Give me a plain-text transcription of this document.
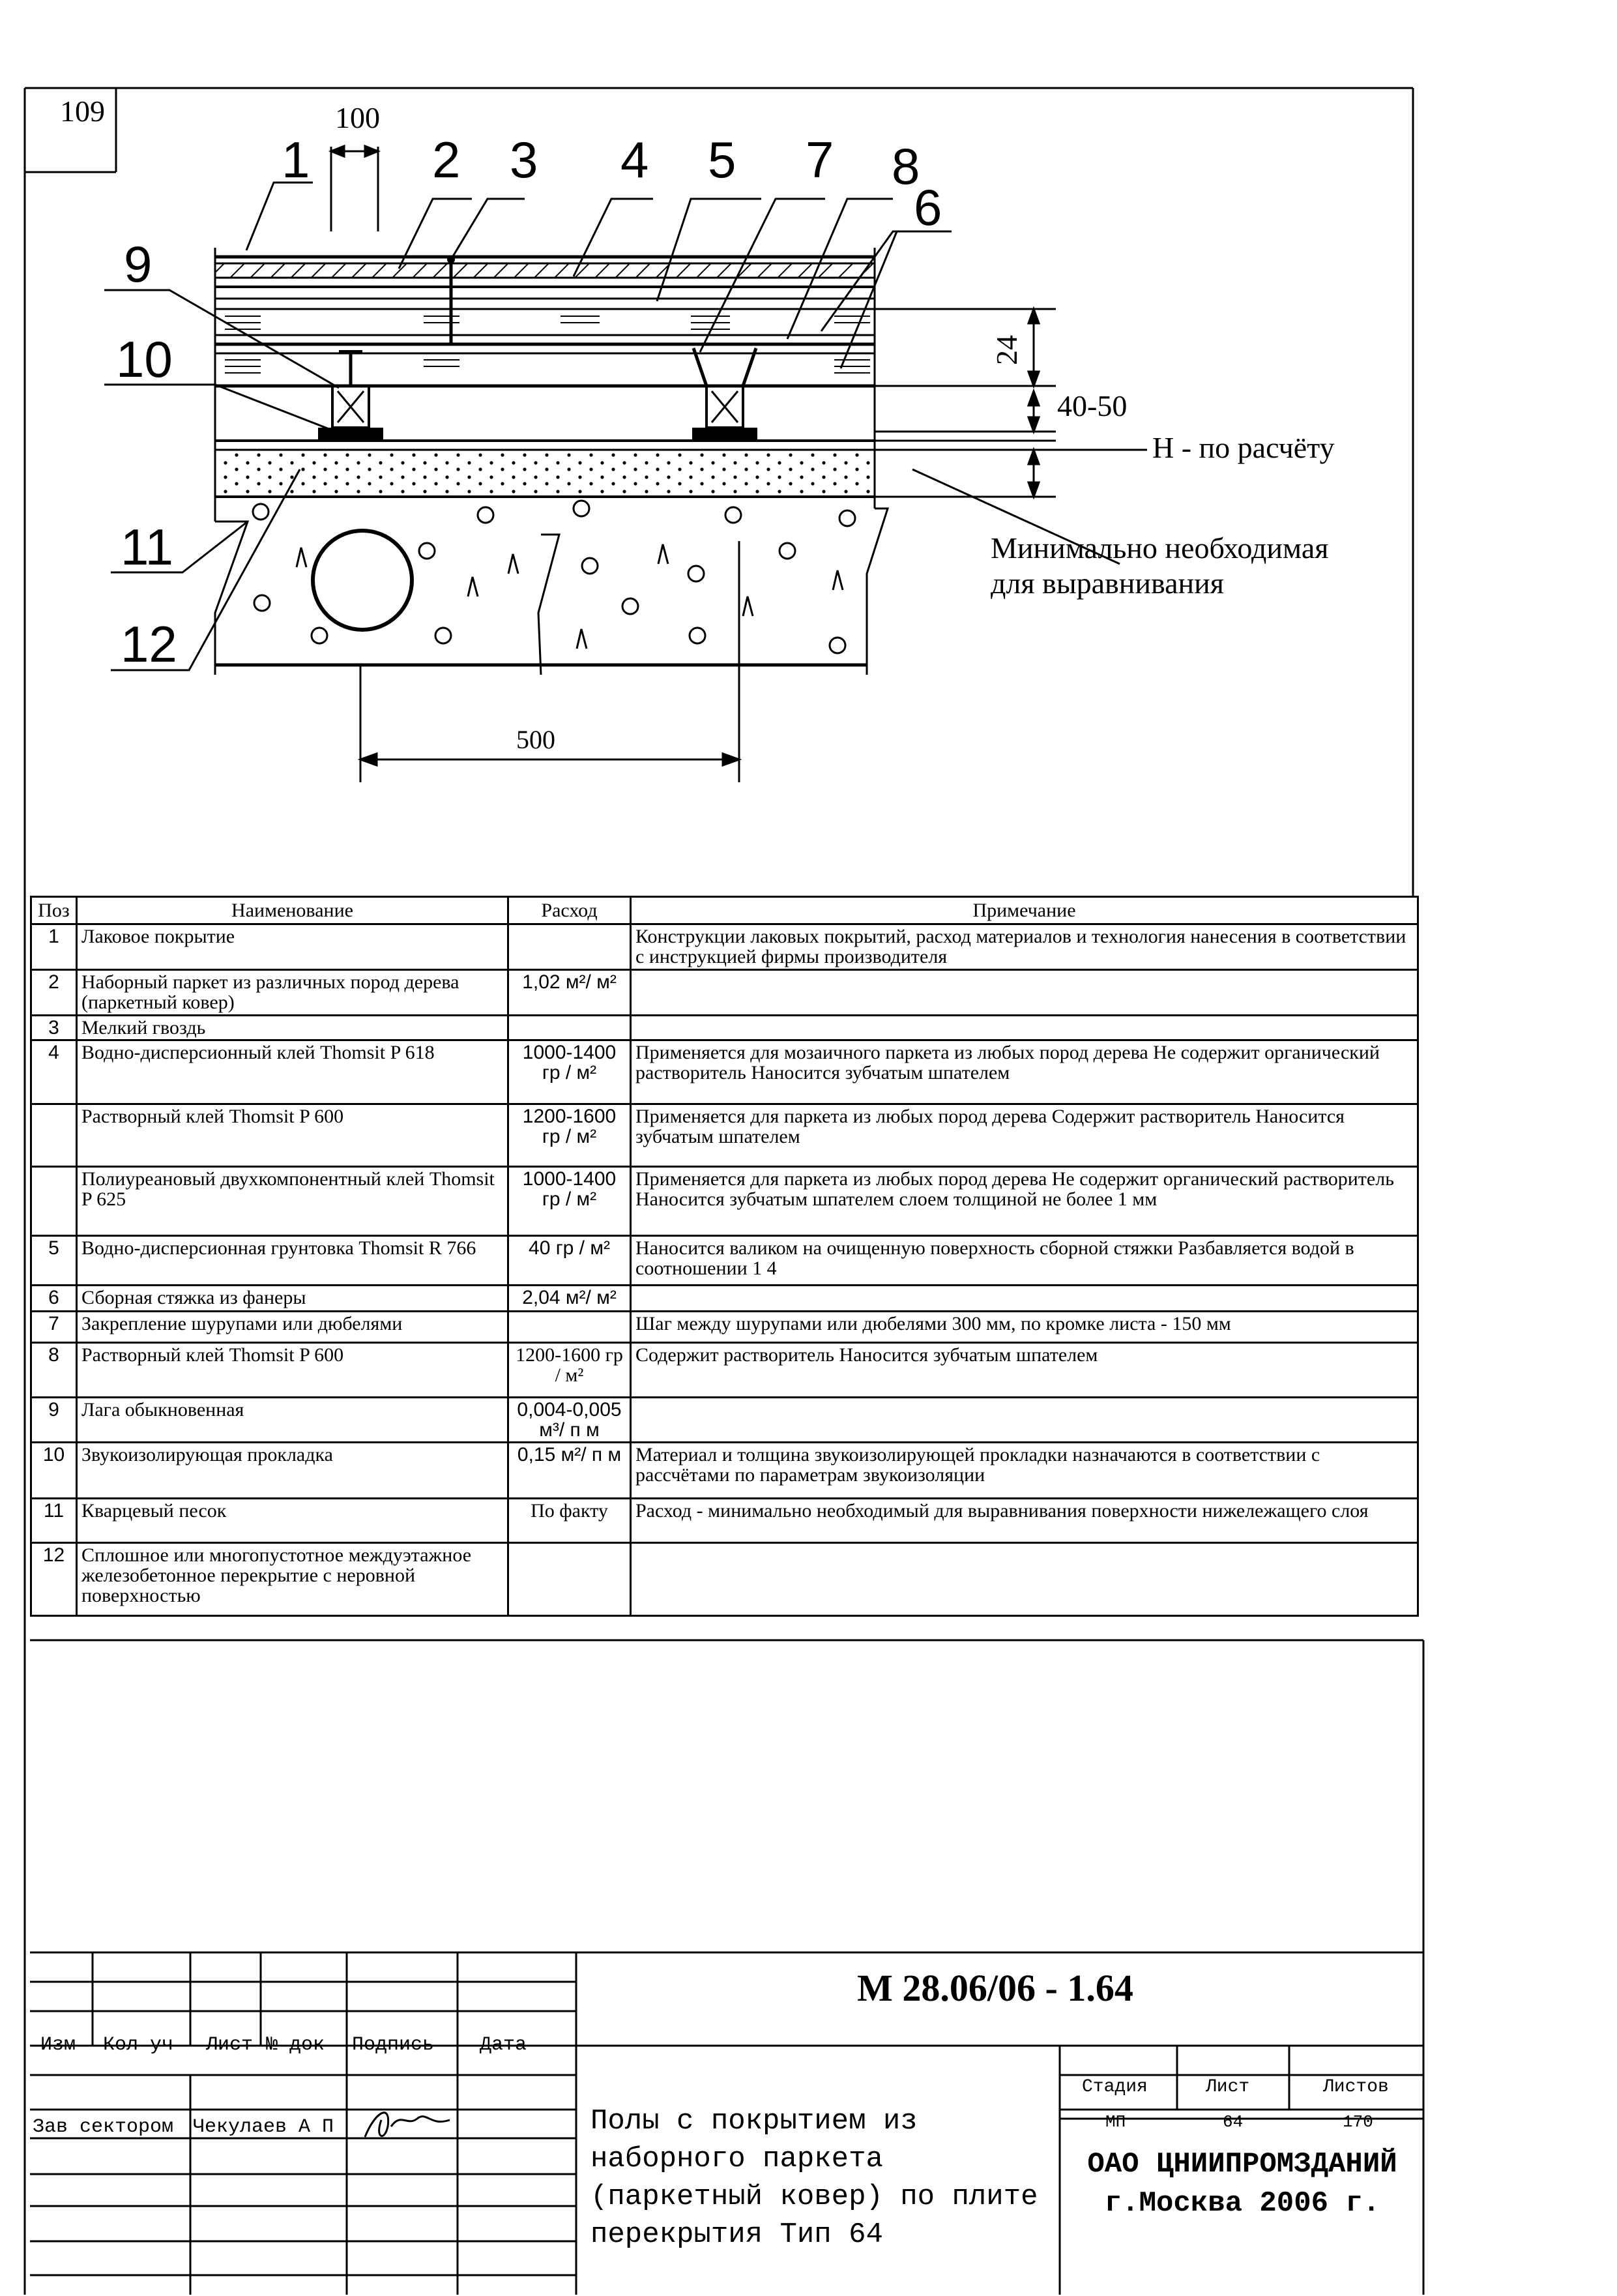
109
1 2 3 4 5 7 8
6
9
10
11
12
100
24
40-50
Н - по расчёту
Минимально необходимая
для выравнивания
500
Поз	Наименование	Расход	Примечание
1	Лаковое покрытие		Конструкции лаковых покрытий, расход материалов и технология нанесения в соответствии с инструкцией фирмы производителя
2	Наборный паркет из различных пород дерева (паркетный ковер)	1,02 м²/ м²	
3	Мелкий гвоздь		
4	Водно-дисперсионный клей Thomsit P 618	1000-1400 гр / м²	Применяется для мозаичного паркета из любых пород дерева Не содержит органический растворитель Наносится зубчатым шпателем
	Растворный клей Thomsit P 600	1200-1600 гр / м²	Применяется для паркета из любых пород дерева Содержит растворитель Наносится зубчатым шпателем
	Полиуреановый двухкомпонентный клей Thomsit P 625	1000-1400 гр / м²	Применяется для паркета из любых пород дерева Не содержит органический растворитель Наносится зубчатым шпателем слоем толщиной не более 1 мм
5	Водно-дисперсионная грунтовка Thomsit R 766	40 гр / м²	Наносится валиком на очищенную поверхность сборной стяжки Разбавляется водой в соотношении 1 4
6	Сборная стяжка из фанеры	2,04 м²/ м²	
7	Закрепление шурупами или дюбелями		Шаг между шурупами или дюбелями 300 мм, по кромке листа - 150 мм
8	Растворный клей Thomsit P 600	1200-1600 гр / м²	Содержит растворитель Наносится зубчатым шпателем
9	Лага обыкновенная	0,004-0,005 м³/ п м	
10	Звукоизолирующая прокладка	0,15 м²/ п м	Материал и толщина звукоизолирующей прокладки назначаются в соответствии с рассчётами по параметрам звукоизоляции
11	Кварцевый песок	По факту	Расход - минимально необходимый для выравнивания поверхности нижележащего слоя
12	Сплошное или многопустотное междуэтажное железобетонное перекрытие с неровной поверхностью		
Изм Кол уч Лист № док Подпись Дата
Зав сектором Чекулаев А П
М 28.06/06 - 1.64
Полы с покрытием из наборного паркета (паркетный ковер) по плите перекрытия Тип 64
Стадия	Лист	Листов
МП	64	170
ОАО ЦНИИПРОМЗДАНИЙ
г.Москва 2006 г.
